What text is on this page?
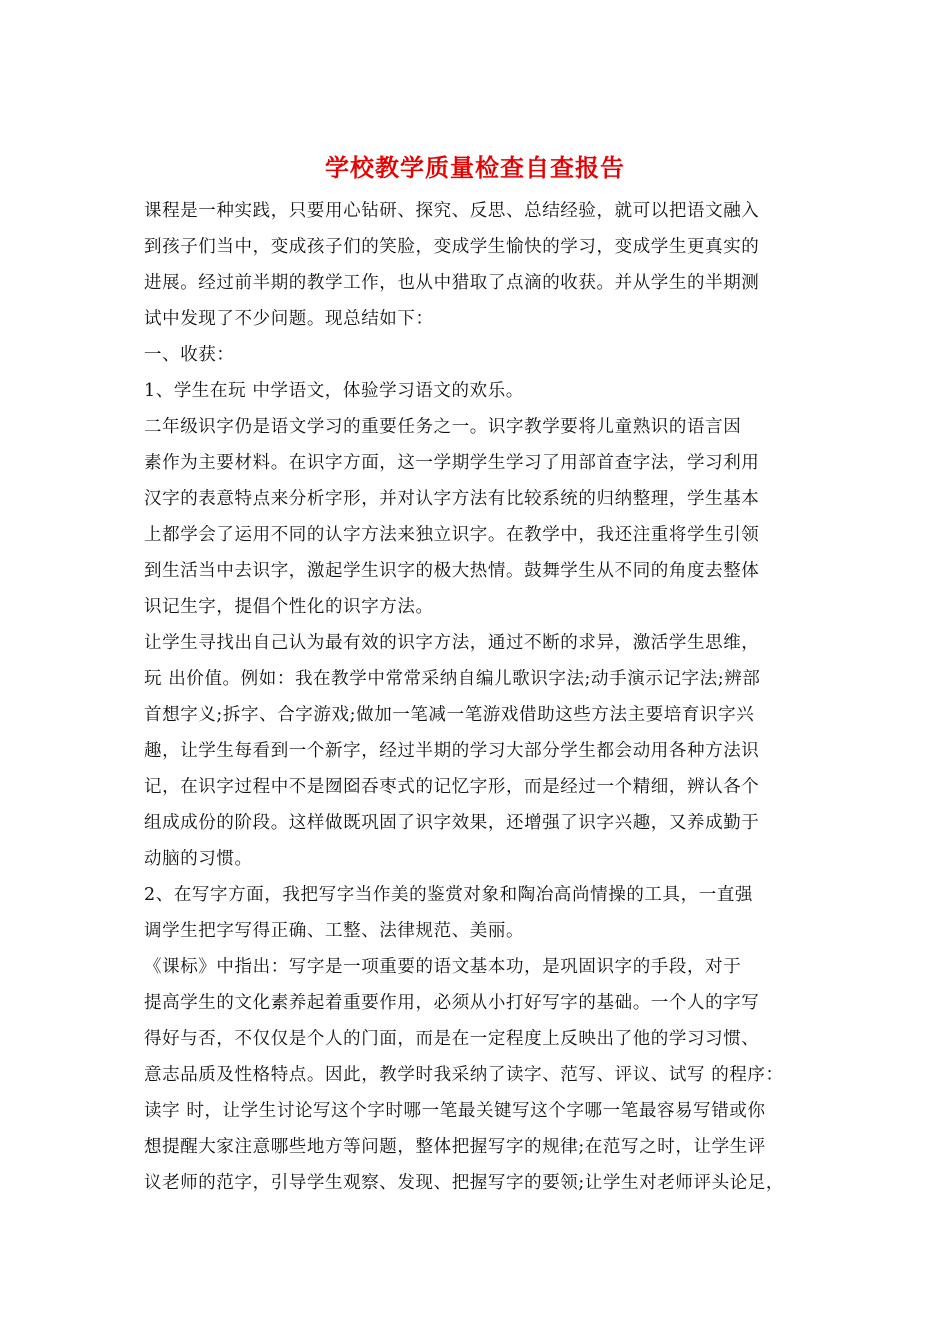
学校教学质量检查自查报告
课程是一种实践，只要用心钻研、探究、反思、总结经验，就可以把语文融入
到孩子们当中，变成孩子们的笑脸，变成学生愉快的学习，变成学生更真实的
进展。经过前半期的教学工作，也从中猎取了点滴的收获。并从学生的半期测
试中发现了不少问题。现总结如下：
一、收获：
1、学生在玩 中学语文，体验学习语文的欢乐。
二年级识字仍是语文学习的重要任务之一。识字教学要将儿童熟识的语言因
素作为主要材料。在识字方面，这一学期学生学习了用部首查字法，学习利用
汉字的表意特点来分析字形，并对认字方法有比较系统的归纳整理，学生基本
上都学会了运用不同的认字方法来独立识字。在教学中，我还注重将学生引领
到生活当中去识字，激起学生识字的极大热情。鼓舞学生从不同的角度去整体
识记生字，提倡个性化的识字方法。
让学生寻找出自己认为最有效的识字方法，通过不断的求异，激活学生思维，
玩 出价值。例如：我在教学中常常采纳自编儿歌识字法;动手演示记字法;辨部
首想字义;拆字、合字游戏;做加一笔减一笔游戏借助这些方法主要培育识字兴
趣，让学生每看到一个新字，经过半期的学习大部分学生都会动用各种方法识
记，在识字过程中不是囫囵吞枣式的记忆字形，而是经过一个精细，辨认各个
组成成份的阶段。这样做既巩固了识字效果，还增强了识字兴趣，又养成勤于
动脑的习惯。
2、在写字方面，我把写字当作美的鉴赏对象和陶冶高尚情操的工具，一直强
调学生把字写得正确、工整、法律规范、美丽。
《课标》中指出：写字是一项重要的语文基本功，是巩固识字的手段，对于
提高学生的文化素养起着重要作用，必须从小打好写字的基础。一个人的字写
得好与否，不仅仅是个人的门面，而是在一定程度上反映出了他的学习习惯、
意志品质及性格特点。因此，教学时我采纳了读字、范写、评议、试写 的程序：
读字 时，让学生讨论写这个字时哪一笔最关键写这个字哪一笔最容易写错或你
想提醒大家注意哪些地方等问题，整体把握写字的规律;在范写之时，让学生评
议老师的范字，引导学生观察、发现、把握写字的要领;让学生对老师评头论足，
